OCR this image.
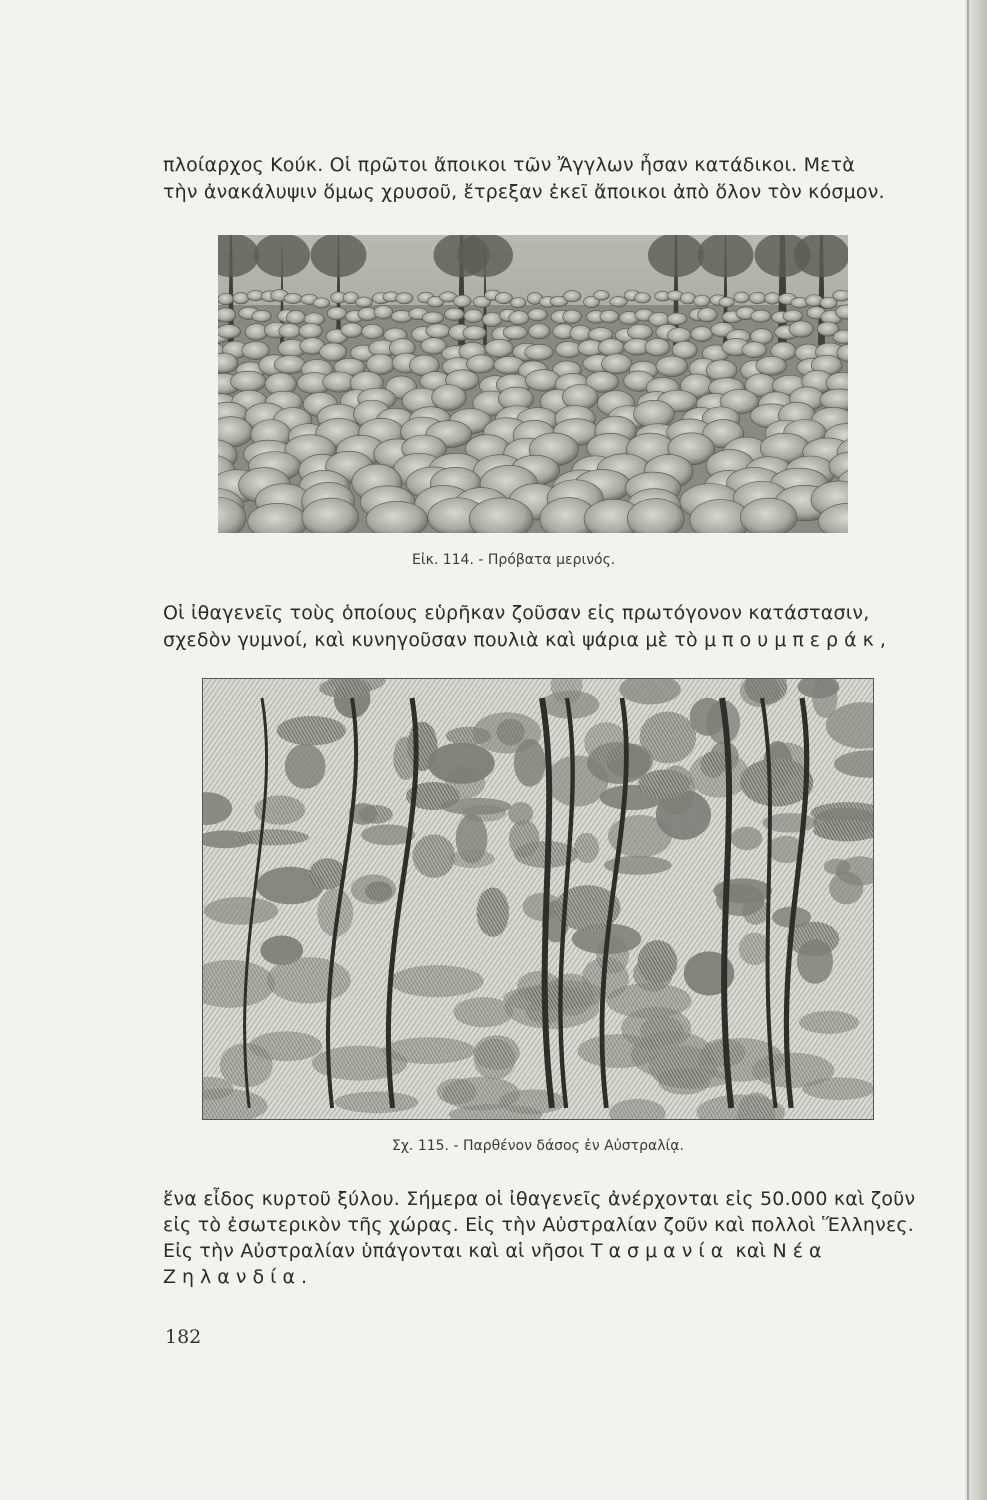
πλοίαρχος Κούκ. Οἱ πρῶτοι ἄποικοι τῶν Ἄγγλων ἦσαν κατάδικοι. Μετὰ
τὴν ἀνακάλυψιν ὅμως χρυσοῦ, ἔτρεξαν ἐκεῖ ἄποικοι ἀπὸ ὅλον τὸν κόσμον.

Εἰκ. 114. - Πρόβατα μερινός.

Οἱ ἰθαγενεῖς τοὺς ὁποίους εὑρῆκαν ζοῦσαν εἰς πρωτόγονον κατάστασιν,
σχεδὸν γυμνοί, καὶ κυνηγοῦσαν πουλιὰ καὶ ψάρια μὲ τὸ μπουμπεράκ,

Σχ. 115. - Παρθένον δάσος ἐν Αὐστραλίᾳ.

ἕνα εἶδος κυρτοῦ ξύλου. Σήμερα οἱ ἰθαγενεῖς ἀνέρχονται εἰς 50.000 καὶ ζοῦν
εἰς τὸ ἐσωτερικὸν τῆς χώρας. Εἰς τὴν Αὐστραλίαν ζοῦν καὶ πολλοὶ Ἕλληνες.
Εἰς τὴν Αὐστραλίαν ὑπάγονται καὶ αἱ νῆσοι Τασμανία καὶ Νέα
Ζηλανδία.

182
